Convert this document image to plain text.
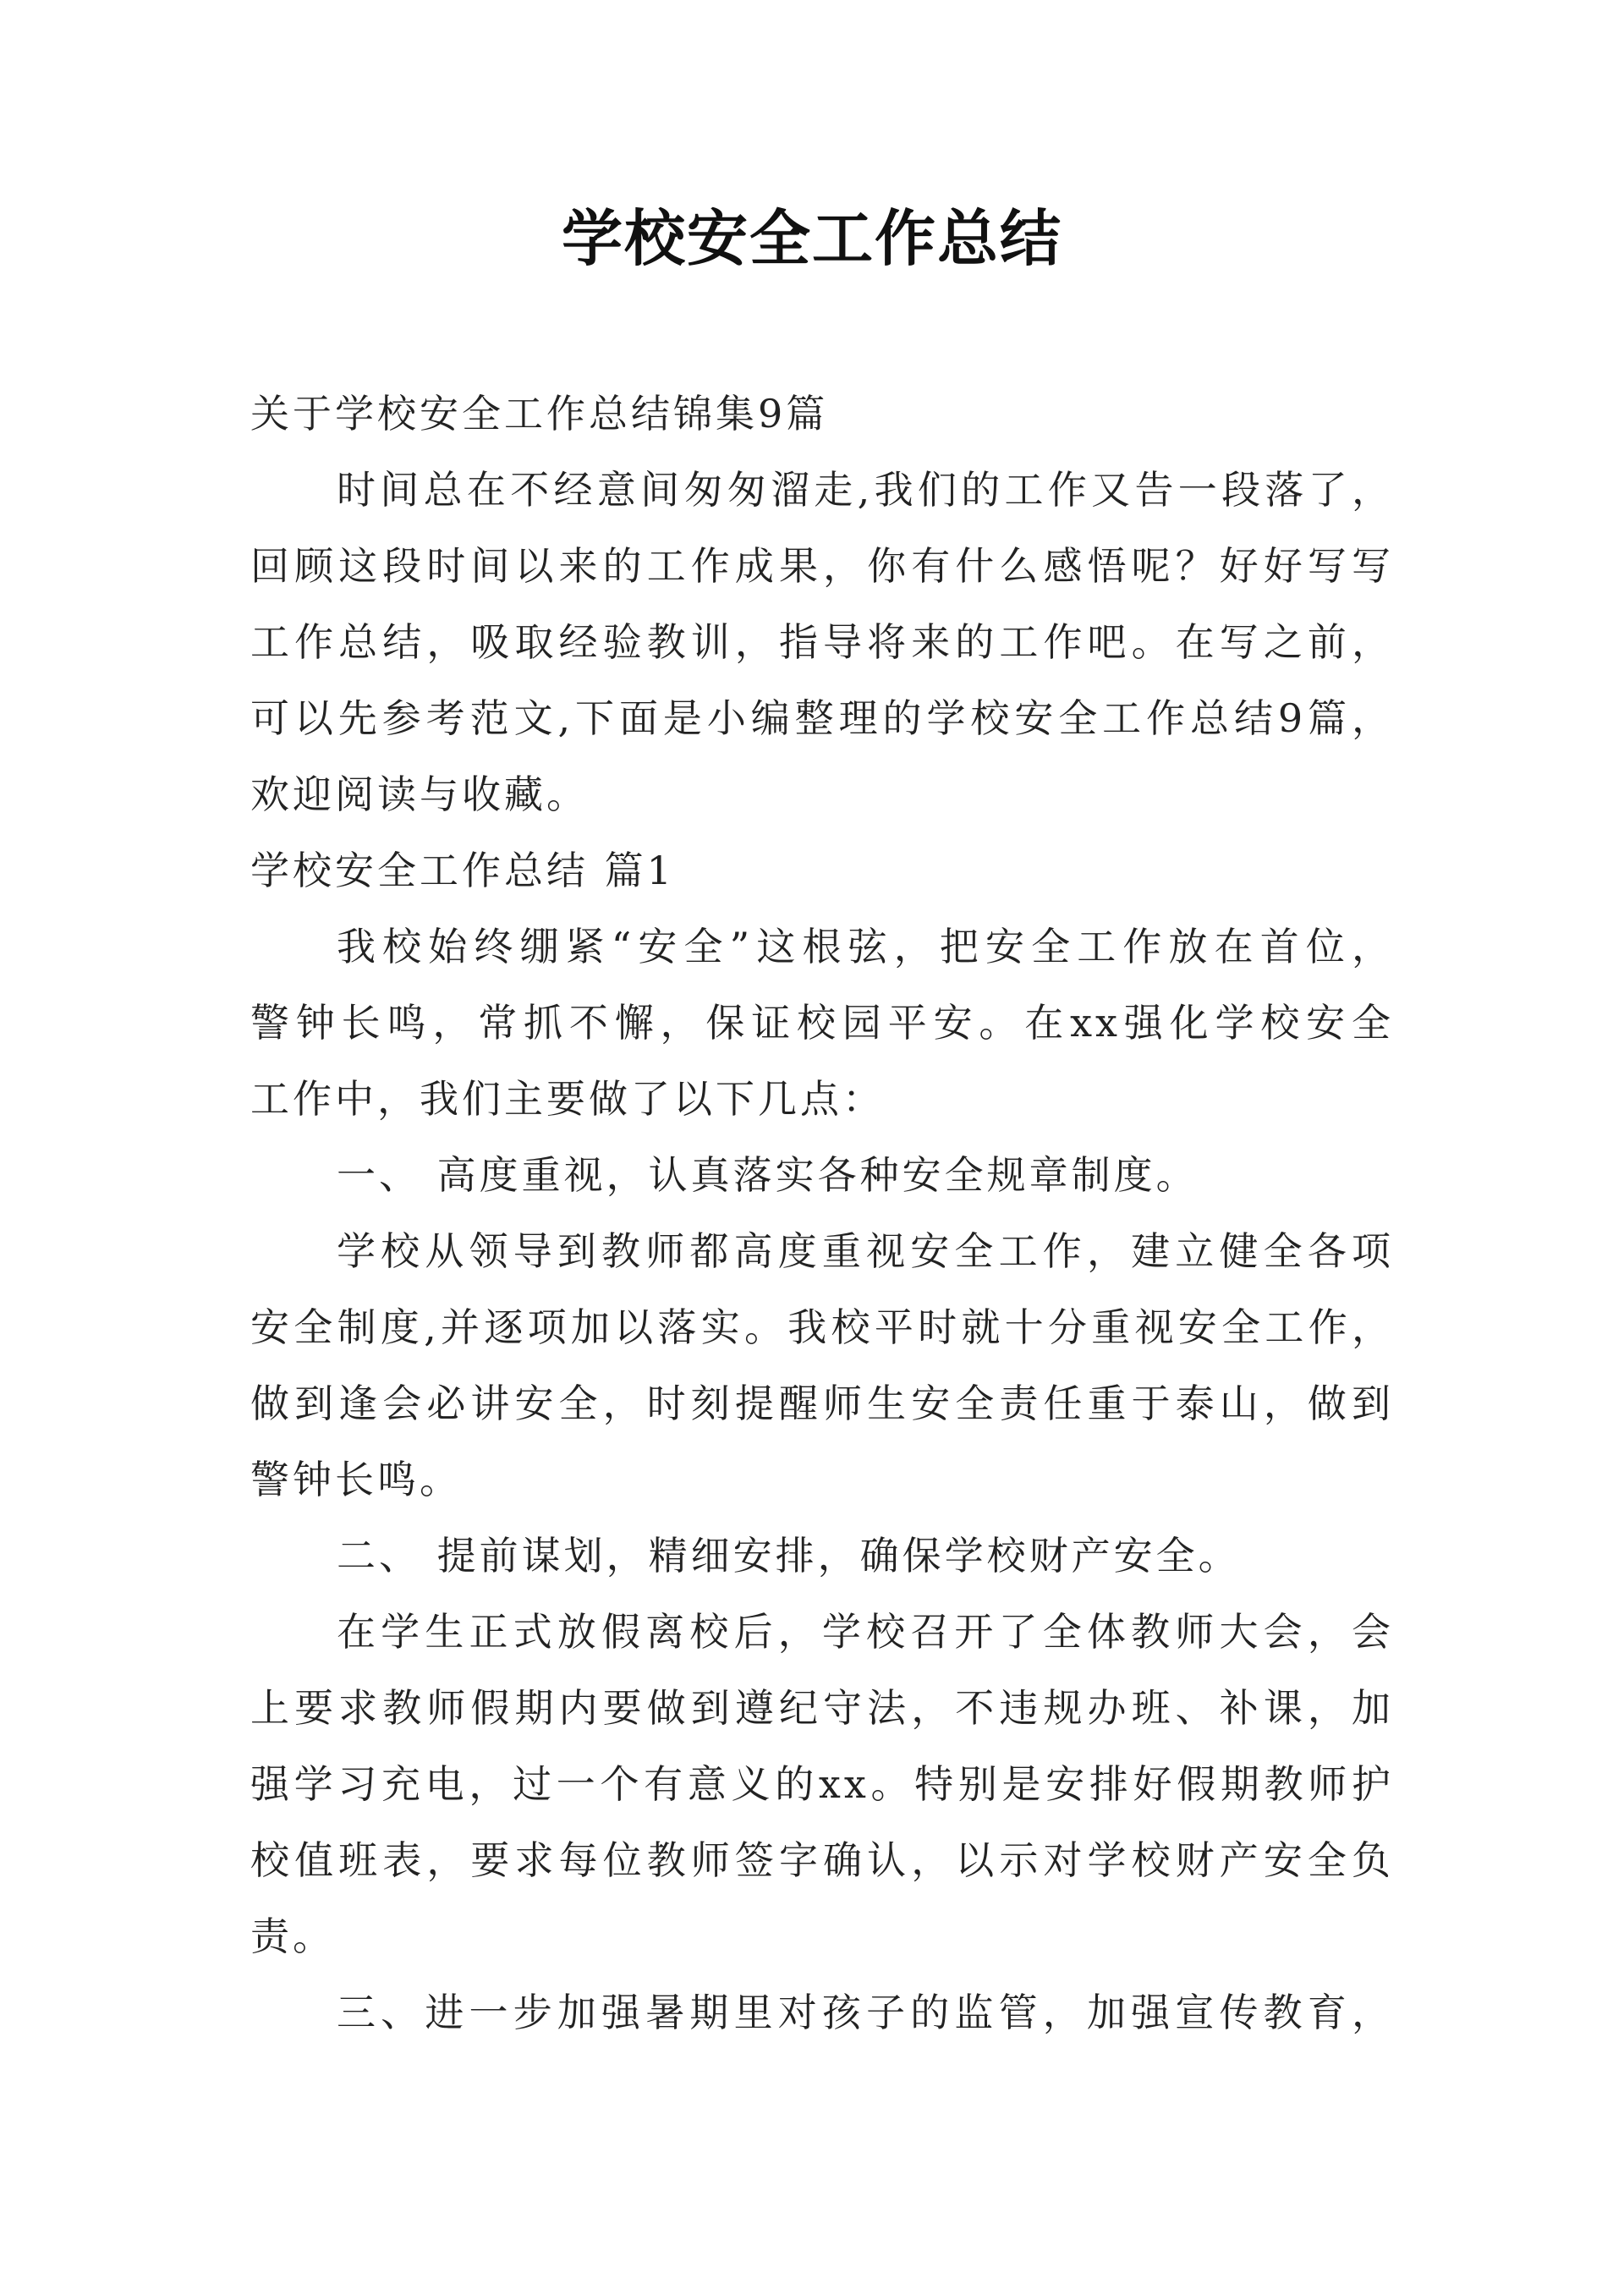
学校安全工作总结
关于学校安全工作总结锦集9篇
时间总在不经意间匆匆溜走,我们的工作又告一段落了，
回顾这段时间以来的工作成果，你有什么感悟呢？好好写写
工作总结，吸取经验教训，指导将来的工作吧。在写之前，
可以先参考范文,下面是小编整理的学校安全工作总结9篇，
欢迎阅读与收藏。
学校安全工作总结 篇1
我校始终绷紧“安全”这根弦，把安全工作放在首位，
警钟长鸣，常抓不懈，保证校园平安。在xx强化学校安全
工作中，我们主要做了以下几点：
一、 高度重视，认真落实各种安全规章制度。
学校从领导到教师都高度重视安全工作，建立健全各项
安全制度,并逐项加以落实。我校平时就十分重视安全工作，
做到逢会必讲安全，时刻提醒师生安全责任重于泰山，做到
警钟长鸣。
二、 提前谋划，精细安排，确保学校财产安全。
在学生正式放假离校后，学校召开了全体教师大会，会
上要求教师假期内要做到遵纪守法，不违规办班、补课，加
强学习充电，过一个有意义的xx。特别是安排好假期教师护
校值班表，要求每位教师签字确认，以示对学校财产安全负
责。
三、进一步加强暑期里对孩子的监管，加强宣传教育，
